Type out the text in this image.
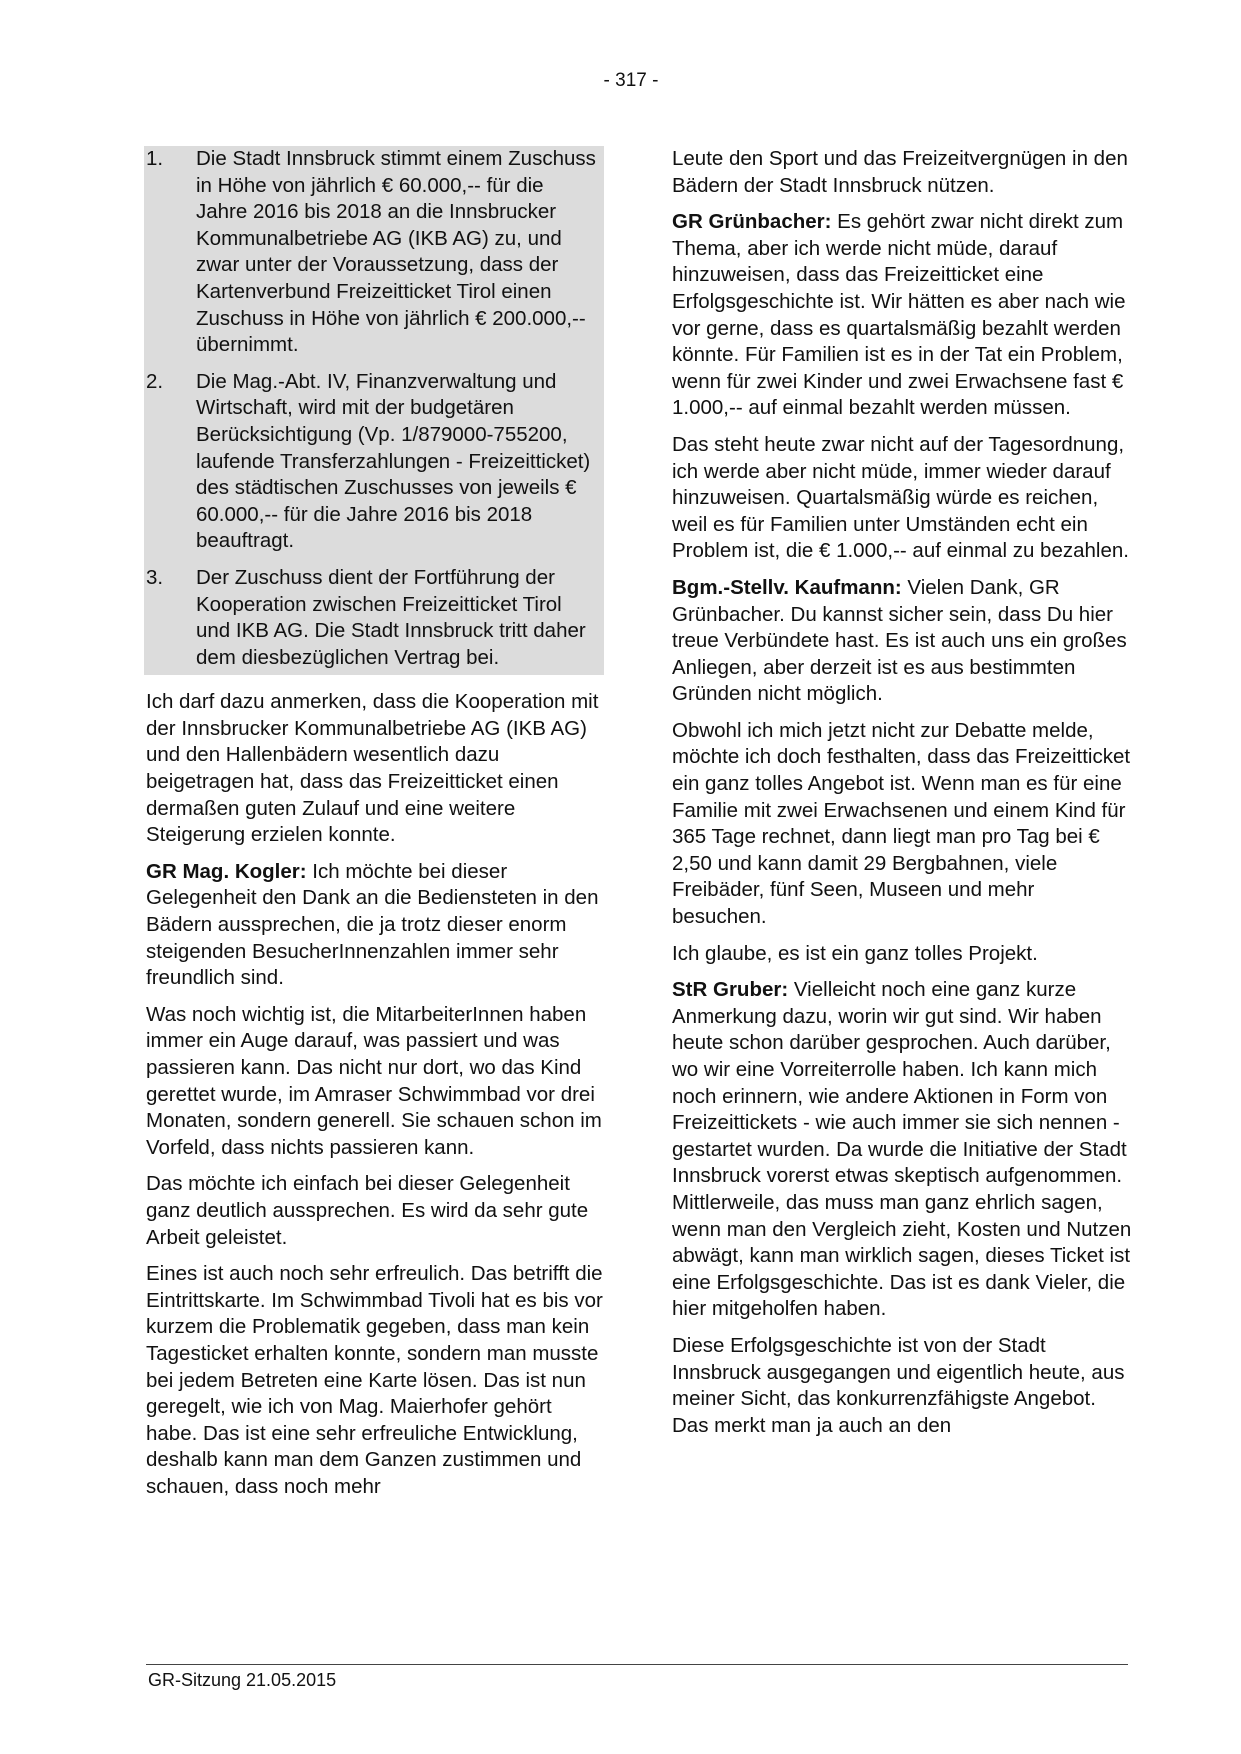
- 317 -
1.	Die Stadt Innsbruck stimmt einem Zuschuss in Höhe von jährlich € 60.000,-- für die Jahre 2016 bis 2018 an die Innsbrucker Kommunalbetriebe AG (IKB AG) zu, und zwar unter der Voraussetzung, dass der Kartenverbund Freizeitticket Tirol einen Zuschuss in Höhe von jährlich € 200.000,-- übernimmt.
2.	Die Mag.-Abt. IV, Finanzverwaltung und Wirtschaft, wird mit der budgetären Berücksichtigung (Vp. 1/879000-755200, laufende Transferzahlungen - Freizeitticket) des städtischen Zuschusses von jeweils € 60.000,-- für die Jahre 2016 bis 2018 beauftragt.
3.	Der Zuschuss dient der Fortführung der Kooperation zwischen Freizeitticket Tirol und IKB AG. Die Stadt Innsbruck tritt daher dem diesbezüglichen Vertrag bei.

Ich darf dazu anmerken, dass die Kooperation mit der Innsbrucker Kommunalbetriebe AG (IKB AG) und den Hallenbädern wesentlich dazu beigetragen hat, dass das Freizeitticket einen dermaßen guten Zulauf und eine weitere Steigerung erzielen konnte.

GR Mag. Kogler: Ich möchte bei dieser Gelegenheit den Dank an die Bediensteten in den Bädern aussprechen, die ja trotz dieser enorm steigenden BesucherInnenzahlen immer sehr freundlich sind.

Was noch wichtig ist, die MitarbeiterInnen haben immer ein Auge darauf, was passiert und was passieren kann. Das nicht nur dort, wo das Kind gerettet wurde, im Amraser Schwimmbad vor drei Monaten, sondern generell. Sie schauen schon im Vorfeld, dass nichts passieren kann.

Das möchte ich einfach bei dieser Gelegenheit ganz deutlich aussprechen. Es wird da sehr gute Arbeit geleistet.

Eines ist auch noch sehr erfreulich. Das betrifft die Eintrittskarte. Im Schwimmbad Tivoli hat es bis vor kurzem die Problematik gegeben, dass man kein Tagesticket erhalten konnte, sondern man musste bei jedem Betreten eine Karte lösen. Das ist nun geregelt, wie ich von Mag. Maierhofer gehört habe. Das ist eine sehr erfreuliche Entwicklung, deshalb kann man dem Ganzen zustimmen und schauen, dass noch mehr

Leute den Sport und das Freizeitvergnügen in den Bädern der Stadt Innsbruck nützen.

GR Grünbacher: Es gehört zwar nicht direkt zum Thema, aber ich werde nicht müde, darauf hinzuweisen, dass das Freizeitticket eine Erfolgsgeschichte ist. Wir hätten es aber nach wie vor gerne, dass es quartalsmäßig bezahlt werden könnte. Für Familien ist es in der Tat ein Problem, wenn für zwei Kinder und zwei Erwachsene fast € 1.000,-- auf einmal bezahlt werden müssen.

Das steht heute zwar nicht auf der Tagesordnung, ich werde aber nicht müde, immer wieder darauf hinzuweisen. Quartalsmäßig würde es reichen, weil es für Familien unter Umständen echt ein Problem ist, die € 1.000,-- auf einmal zu bezahlen.

Bgm.-Stellv. Kaufmann: Vielen Dank, GR Grünbacher. Du kannst sicher sein, dass Du hier treue Verbündete hast. Es ist auch uns ein großes Anliegen, aber derzeit ist es aus bestimmten Gründen nicht möglich.

Obwohl ich mich jetzt nicht zur Debatte melde, möchte ich doch festhalten, dass das Freizeitticket ein ganz tolles Angebot ist. Wenn man es für eine Familie mit zwei Erwachsenen und einem Kind für 365 Tage rechnet, dann liegt man pro Tag bei € 2,50 und kann damit 29 Bergbahnen, viele Freibäder, fünf Seen, Museen und mehr besuchen.

Ich glaube, es ist ein ganz tolles Projekt.

StR Gruber: Vielleicht noch eine ganz kurze Anmerkung dazu, worin wir gut sind. Wir haben heute schon darüber gesprochen. Auch darüber, wo wir eine Vorreiterrolle haben. Ich kann mich noch erinnern, wie andere Aktionen in Form von Freizeittickets - wie auch immer sie sich nennen - gestartet wurden. Da wurde die Initiative der Stadt Innsbruck vorerst etwas skeptisch aufgenommen. Mittlerweile, das muss man ganz ehrlich sagen, wenn man den Vergleich zieht, Kosten und Nutzen abwägt, kann man wirklich sagen, dieses Ticket ist eine Erfolgsgeschichte. Das ist es dank Vieler, die hier mitgeholfen haben.

Diese Erfolgsgeschichte ist von der Stadt Innsbruck ausgegangen und eigentlich heute, aus meiner Sicht, das konkurrenzfähigste Angebot. Das merkt man ja auch an den

GR-Sitzung 21.05.2015
